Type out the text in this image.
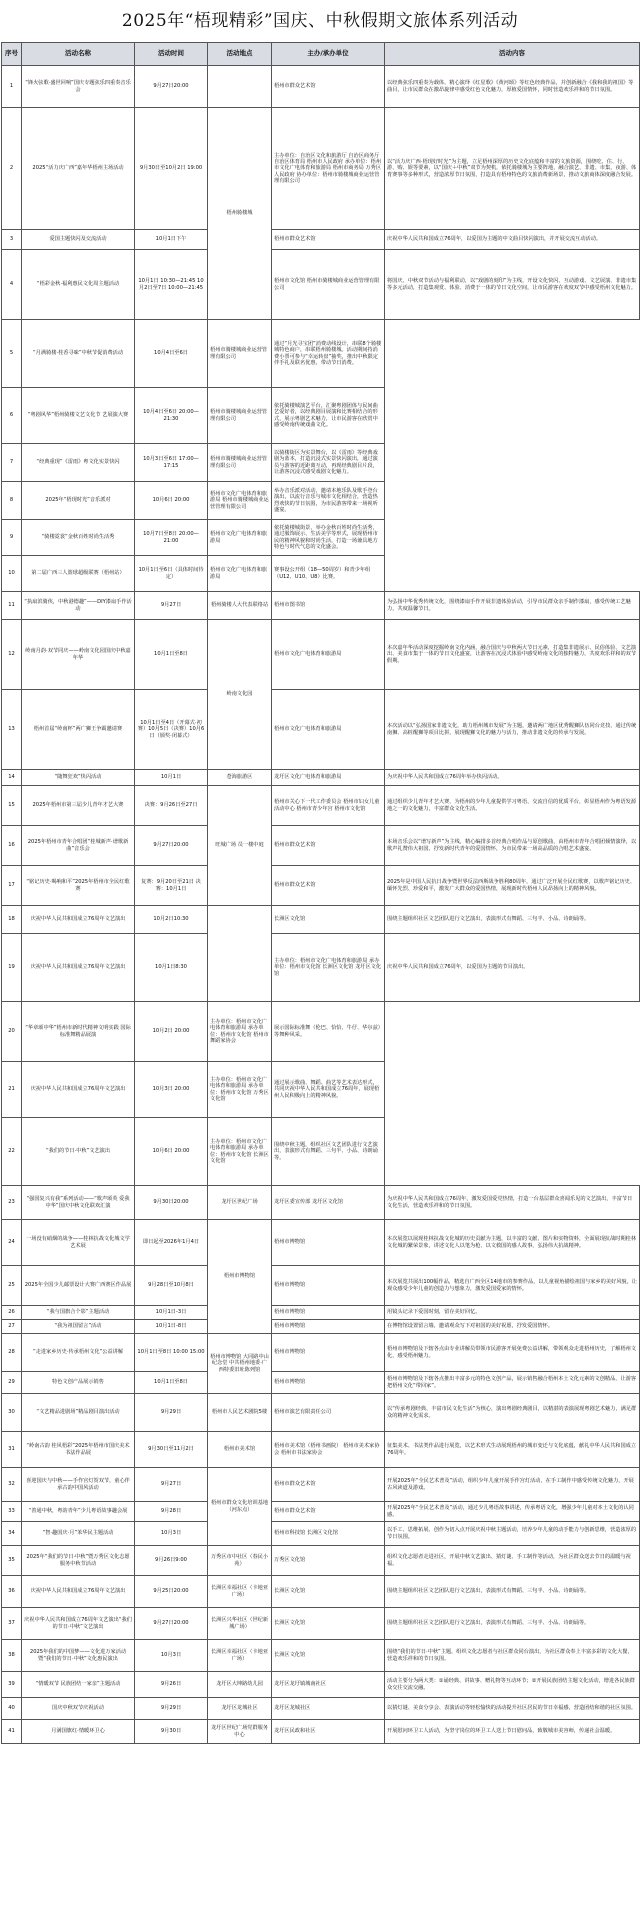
2025年“梧现精彩”国庆、中秋假期文旅体系列活动
序号	活动名称	活动时间	活动地点	主办/承办单位	活动内容
1	“锋火弦歌·盛世回响”国庆专题弦乐四重奏音乐会	9月27日20:00		梧州市群众艺术馆	以经典弦乐四重奏为载体，精心演绎《红星歌》《黄河颂》等红色经典作品，并创新融合《我和我的祖国》等曲目，让市民群众在激昂旋律中感受红色文化魅力，厚植爱国情怀，同时营造欢乐祥和的节日氛围。
2	2025“活力庆广西”嘉年华梧州主场活动	9月30日至10月2日 19:00	梧州骑楼城	主办单位：自治区文化和旅游厅 自治区商务厅 自治区体育局 梧州市人民政府 承办单位：梧州市文化广电体育和旅游局 梧州市商务局 万秀区人民政府 协办单位：梧州市骑楼城商业运营管理有限公司	以“活力庆广西·梧现好时光”为主题，立足梧州深厚的历史文化底蕴和丰富的文旅资源，围绕吃、住、行、游、购、娱等要素，以“国庆＋中秋”双节为契机，依托骑楼城为主要阵地，融合演艺、非遗、市集、夜游、体育赛事等多种形式，营造浓厚节日氛围，打造具有梧州特色的文旅消费新场景，推动文旅商体深度融合发展。
3	爱国主题快闪及交流活动	10月1日下午		梧州市群众艺术馆	庆祝中华人民共和国成立76周年，以爱国为主题的中文曲目快闪演出，并开展交流互动活动。
4	“梧彩金秋·福利惠民文化周主题活动	10月1日 10:30—21:45 10月2日至7日 10:00—21:45		梧州市文化馆 梧州市骑楼城商业运营管理有限公司	将国庆、中秋双节活动与福利联动，以“戏剧的刻印”为主线，开设文化快闪、互动游戏、文艺展演、非遗市集等多元活动，打造集观赏、体验、消费于一体的节日文化空间，让市民游客在欢度双节中感受梧州文化魅力。
5	“月满骑楼·桂香寻味”中秋节促消费活动	10月4日至6日	梧州市骑楼城商业运营管理有限公司	通过“月光寻宝团”消费动线设计，串联8个骑楼城特色商户，串联梧州骑楼城。活动期间持消费小票可参与“幸运转盘”抽奖，推出中秋限定伴手礼及联名优惠，带动节日消费。	
6	“粤剧风华”梧州骑楼文艺文化节 艺展演大赛	10月4日至6日 20:00—21:30	梧州市骑楼城商业运营管理有限公司	依托骑楼城演艺平台，汇聚粤剧团体与民间曲艺爱好者，以经典剧目展演和比赛相结合的形式，展示粤剧艺术魅力，让市民游客在欣赏中感受岭南传统戏曲文化。	
7	“经典重现”《雷雨》粤文化实景快闪	10月3日至6日 17:00—17:15	梧州市骑楼城商业运营管理有限公司	以骑楼街区为实景舞台，以《雷雨》等经典戏剧为蓝本，打造沉浸式实景快闪演出，通过演员与游客的近距离互动，再现经典剧目片段，让游客沉浸式感受戏剧文化魅力。	
8	2025年“梧现时光”音乐派对	10月6日 20:00	梧州市文化广电体育和旅游局 梧州市骑楼城商业运营管理有限公司	举办音乐派对活动，邀请本地乐队及歌手登台演出，以流行音乐与城市文化相结合，营造热烈欢快的节日氛围，为市民游客带来一场视听盛宴。	
9	“骑楼霓裳”金秋百姓时尚生活秀	10月7日至8日 20:00—21:00	梧州市文化广电体育和旅游局	依托骑楼城街景，举办金秋百姓时尚生活秀，通过服饰展示、生活美学等形式，展现梧州市民的精神风貌和时尚生活，打造一场兼具地方特色与时代气息的文化盛会。	
10	第二届广西三人篮球超级联赛（梧州站）	10月1日至6日（具体时间待定）	梧州市文化广电体育和旅游局	赛事设公开组（18—50周岁）和青少年组（U12、U10、U8）比赛。	
11	“执扇滨骑侠，中秋港德趣”——DIY漆扇手作活动	9月27日	梧州骑楼人大代表联络站	梧州市图书馆	为弘扬中华优秀传统文化，围绕漆扇手作开展非遗体验活动，引导市民群众亲手制作漆扇，感受传统工艺魅力，共度温馨节日。
12	岭南月韵·双节同庆——岭南文化园国庆中秋嘉年华	10月1日至8日	岭南文化园	梧州市文化广电体育和旅游局	本次嘉年华活动深度挖掘岭南文化内涵，融合国庆与中秋两大节日元素，打造集非遗展示、民俗体验、文艺演出、美食市集于一体的节日文化盛宴，让游客在沉浸式体验中感受岭南文化的独特魅力，共度欢乐祥和的双节假期。
13	梧州首届“岭南杯”两广狮王争霸邀请赛	10月1日至4日（开幕式·初赛）10月5日（决赛）10月6日（颁奖·闭幕式）		梧州市文化广电体育和旅游局	本次活动以“弘扬国家非遗文化，助力梧州城市发展”为主题，邀请两广地区优秀醒狮队伍同台竞技，通过传统南狮、高桩醒狮等项目比拼，展现醒狮文化的魅力与活力，推动非遗文化的传承与发展。
14	“随舞狂欢”快闪活动	10月1日	苍海旅游区	龙圩区文化广电体育和旅游局	为庆祝中华人民共和国成立76周年举办快闪活动。
15	2025年梧州市第三届少儿青年才艺大赛	决赛：9月26日至27日	旺城广场 员一楼中庭	梧州市关心下一代工作委员会 梧州市妇女儿童活动中心 梧州市青少年宫 梧州市文化馆	通过组织少儿青年才艺大赛，为梧州的少年儿童提供学习粤语、交流自信的优质平台，彰显梧州作为粤语发源地之一的文化魅力，丰富群众文化生活。
16	2025年梧州市青年合唱团“桂城新声·谱歌新曲”音乐会	9月27日20:00		梧州市群众艺术馆	本场音乐会以“谱写新声”为主线，精心编排多首经典合唱作品与原创歌曲，由梧州市青年合唱团倾情演绎，以歌声礼赞伟大祖国，抒发新时代青年的爱国情怀，为市民带来一场高品质的合唱艺术盛宴。
17	“铭记历史·喝响和平”2025年梧州市全民红歌赛	复赛：9月20日至21日 决赛：10月1日		梧州市群众艺术馆	2025年是中国人民抗日战争暨世界反法西斯战争胜利80周年，通过广泛开展全民红歌赛，以歌声铭记历史、缅怀先烈、珍爱和平，激发广大群众的爱国热情，展现新时代梧州人民昂扬向上的精神风貌。
18	庆祝中华人民共和国成立76周年文艺演出	10月2日10:30		长洲区文化馆	围绕主题组织社区文艺团队进行文艺演出，表演形式有舞蹈、三句半、小品、诗朗诵等。
19	庆祝中华人民共和国成立76周年文艺演出	10月1日8:30		主办单位：梧州市文化广电体育和旅游局 承办单位：梧州市文化馆 长洲区文化馆 龙圩区文化馆	庆祝中华人民共和国成立76周年，以爱国为主题的节目演出。
20	“华章颂中华”梧州市新时代精神文明实践 国际标准舞精品展演	10月2日 20:00	主办单位：梧州市文化广电体育和旅游局 承办单位：梧州市文化馆 梧州市舞蹈家协会	展示国际标准舞（伦巴、恰恰、牛仔、华尔兹）等舞种风采。	
21	庆祝中华人民共和国成立76周年文艺演出	10月3日 20:00	主办单位：梧州市文化广电体育和旅游局 承办单位：梧州市文化馆 万秀区文化馆	通过展示歌曲、舞蹈、曲艺等艺术表达形式，共同庆祝中华人民共和国成立76周年，展现梧州人民积极向上的精神风貌。	
22	“我们的节日·中秋”文艺演出	10月6日 20:00	主办单位：梧州市文化广电体育和旅游局 承办单位：梧州市文化馆 长洲区文化馆	围绕中秋主题，组织社区文艺团队进行文艺演出，表演形式有舞蹈、三句半、小品、诗朗诵等。	
23	“强国复兴有我”系列活动——“歌声颂英 爱我中华”国庆中秋文化联欢汇演	9月30日20:00	龙圩区世纪广场	龙圩区委宣传部 龙圩区文化馆	为庆祝中华人民共和国成立76周年，激发爱国爱党热情，打造一台基层群众喜闻乐见的文艺演出，丰富节日文化生活，营造欢乐祥和的节日氛围。
24	一场没有硝烟的战争——桂林抗战文化城文学艺术展	即日起至2026年1月4日	梧州市博物馆	梧州市博物馆	本次展览以展现桂林抗战文化城的历史贡献为主题，以丰富的文献、图片和实物资料，全面展现抗战时期桂林文化城的繁荣景象，讲述文化人以笔为枪、以文救国的感人故事，弘扬伟大抗战精神。
25	2025年全国少儿邮票设计大赛广西赛区作品展	9月28日至10月8日		梧州市博物馆	本次展览共展出100幅作品，精选自广西全区14地市的参赛作品，以儿童视角描绘祖国与家乡的美好风貌，让观众感受少年儿童的创造力与想象力，激发爱国爱家的情怀。
26	“我与国旗合个影”主题活动	10月1日-3日		梧州市博物馆	用镜头记录下爱国时刻，留存美好回忆。
27	“我为祖国留言”活动	10月1日-8日		梧州市博物馆	在博物馆设置留言墙，邀请观众写下对祖国的美好祝愿，抒发爱国情怀。
28	“走进家乡历史·传承梧州文化”公益讲解	10月1日至8日 10:00 15:00	梧州市博物馆 大同路中山纪念堂 中共梧州地委·广西特委旧址陈列馆	梧州市博物馆	梧州市博物馆及下辖各点由专业讲解员带领市民游客开展免费公益讲解，带领观众走进梧州历史，了解梧州文化，感受梧州魅力。
29	特色文创产品展示销售	10月1日至8日		梧州市博物馆	梧州市博物馆及下辖各点推出丰富多元的特色文创产品，展示销售融合梧州本土文化元素的文创精品，让游客把梧州文化“带回家”。
30	“文艺精品进剧场”精品剧目演出活动	9月29日	梧州市人民艺术剧院5楼	梧州市演艺有限责任公司	以“传承粤剧经典、丰富市民文化生活”为核心，演出粤剧经典剧目，以精湛的表演展现粤剧艺术魅力，满足群众的精神文化需求。
31	“岭南古韵 桂风梧彩”2025年梧州市国庆美术书法作品展	9月30日至11月2日	梧州市美术馆	梧州市美术馆（梧州书画院） 梧州市美术家协会 梧州市书法家协会	征集美术、书法类作品进行展览，以艺术形式生动展现梧州的城市变迁与文化底蕴，献礼中华人民共和国成立76周年。
32	喜迎国庆与中秋——手作宫灯贺双节，童心伴承古韵中国风活动	9月27日	梧州市群众文化培训基地（河东点）	梧州市群众艺术馆	开展2025年“全民艺术普及”活动，组织少年儿童开展手作宫灯活动，在手工制作中感受传统文化魅力，开展古风读道及游戏。
33	“善通中秋，粤韵青年”少儿粤语故事趣会展	9月28日		梧州市群众艺术馆	开展2025年“全民艺术普及”活动，通过少儿粤语故事讲述，传承粤语文化，增强少年儿童对本土文化的认同感。
34	“智·趣国庆·月”苯华民主题活动	10月3日		梧州市科技馆 长洲区文化馆	以手工、思维拓展、创作为切入点开展庆祝中秋主题活动，培养少年儿童的动手能力与创新思维，营造浓厚的节日氛围。
35	2025年“我们的节日·中秋”暨万秀区文化志愿服务中秋节活动	9月26日9:00	万秀区市中社区（春民小苑）	万秀区文化馆	组织文化志愿者走进社区，开展中秋文艺演出、猜灯谜、手工制作等活动，为社区群众送去节日的温暖与祝福。
36	庆祝中华人民共和国成立76周年文艺演出	9月25日20:00	长洲区幸福社区（卡地亚广场）	长洲区文化馆	围绕主题组织社区文艺团队进行文艺演出，表演形式有舞蹈、三句半、小品、诗朗诵等。
37	庆祝中华人民共和国成立76周年文艺演出“我们的节日·中秋”文艺演出	9月27日20:00	长洲区兴华社区（世纪新城广场）	长洲区文化馆	围绕主题组织社区文艺团队进行文艺演出，表演形式有舞蹈、三句半、小品、诗朗诵等。
38	2025年我们的中国梦——文化进万家活动暨“我们的节日·中秋”文化惠民演出	10月3日	长洲区幸福社区（卡地亚广场）	长洲区文化馆	围绕“我们的节日·中秋”主题，组织文化志愿者与社区群众同台演出，为社区群众奉上丰富多彩的文化大餐，营造欢乐祥和的节日氛围。
39	“情暖双节 民族团结一家亲”主题活动	9月26日	龙圩区大坤路幼儿园	龙圩区龙圩镇城南社区	活动主要分为两大类：①诵经典、讲故事、赠礼物等互动环节；②开展民族团结主题文化活动，增进各民族群众交往交流交融。
40	国庆中秋双节庆祝活动	9月29日	龙圩区龙城社区	龙圩区龙城社区	以猜灯谜、美食分享会、表演活动等轻松愉快的活动提升社区居民的节日幸福感，营造团结和谐的社区氛围。
41	月满国旗红·情暖环卫心	9月30日	龙圩区世纪广场党群服务中心	龙圩区民政和社区	开展慰问环卫工人活动，为坚守岗位的环卫工人送上节日慰问品，致敬城市美容师，传递社会温暖。
